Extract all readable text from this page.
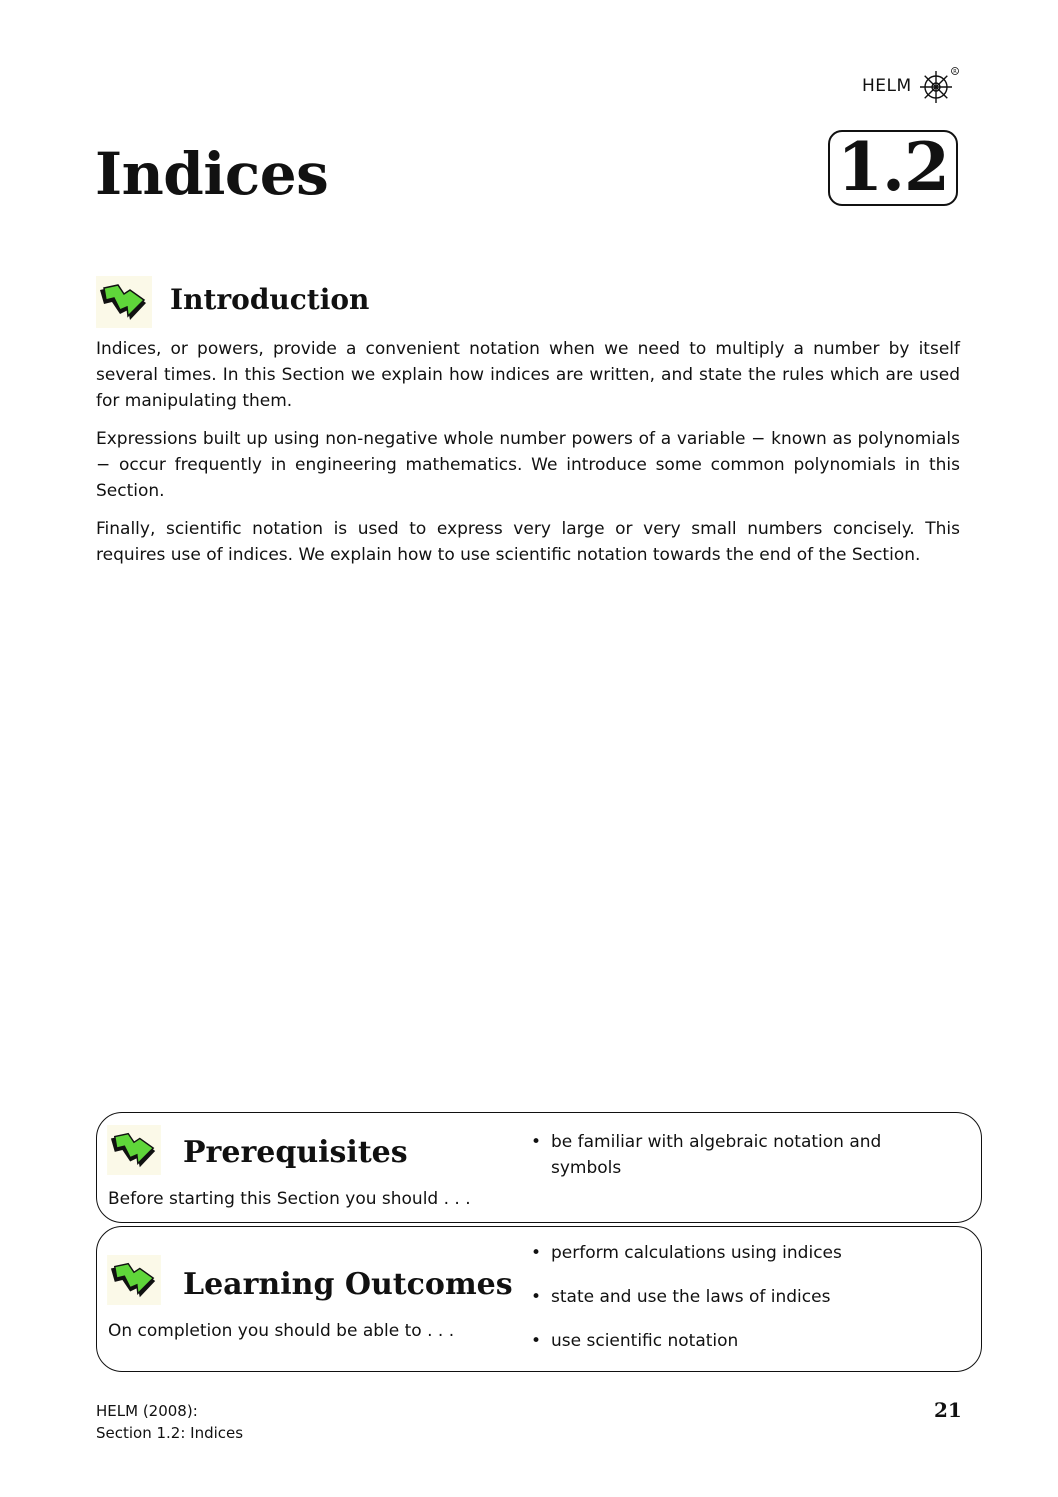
HELM
R
Indices	1.2
Introduction

Indices, or powers, provide a convenient notation when we need to multiply a number by itself several times. In this Section we explain how indices are written, and state the rules which are used for manipulating them.

Expressions built up using non-negative whole number powers of a variable − known as polynomials − occur frequently in engineering mathematics. We introduce some common polynomials in this Section.

Finally, scientific notation is used to express very large or very small numbers concisely. This requires use of indices. We explain how to use scientific notation towards the end of the Section.

Prerequisites
Before starting this Section you should . . .
• be familiar with algebraic notation and symbols
Learning Outcomes
On completion you should be able to . . .
• perform calculations using indices
• state and use the laws of indices
• use scientific notation
HELM (2008):
Section 1.2: Indices
21
